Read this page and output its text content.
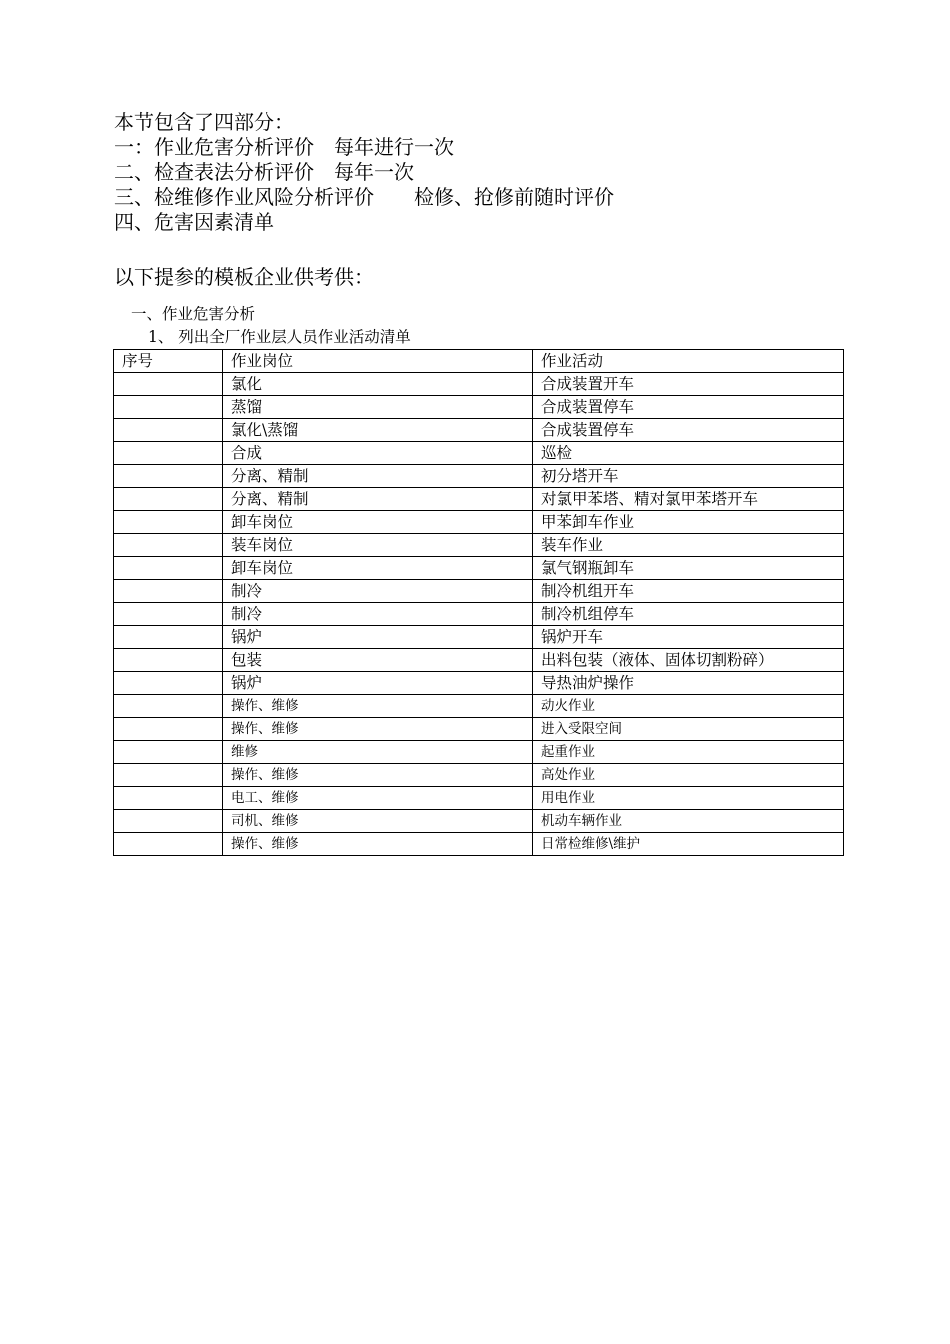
本节包含了四部分：
一：作业危害分析评价　每年进行一次
二、检查表法分析评价　每年一次
三、检维修作业风险分析评价　　检修、抢修前随时评价
四、危害因素清单
以下提参的模板企业供考供：
一、作业危害分析
1、 列出全厂作业层人员作业活动清单
序号	作业岗位	作业活动
	氯化	合成装置开车
	蒸馏	合成装置停车
	氯化\蒸馏	合成装置停车
	合成	巡检
	分离、精制	初分塔开车
	分离、精制	对氯甲苯塔、精对氯甲苯塔开车
	卸车岗位	甲苯卸车作业
	装车岗位	装车作业
	卸车岗位	氯气钢瓶卸车
	制冷	制冷机组开车
	制冷	制冷机组停车
	锅炉	锅炉开车
	包装	出料包装（液体、固体切割粉碎）
	锅炉	导热油炉操作
	操作、维修	动火作业
	操作、维修	进入受限空间
	维修	起重作业
	操作、维修	高处作业
	电工、维修	用电作业
	司机、维修	机动车辆作业
	操作、维修	日常检维修\维护
